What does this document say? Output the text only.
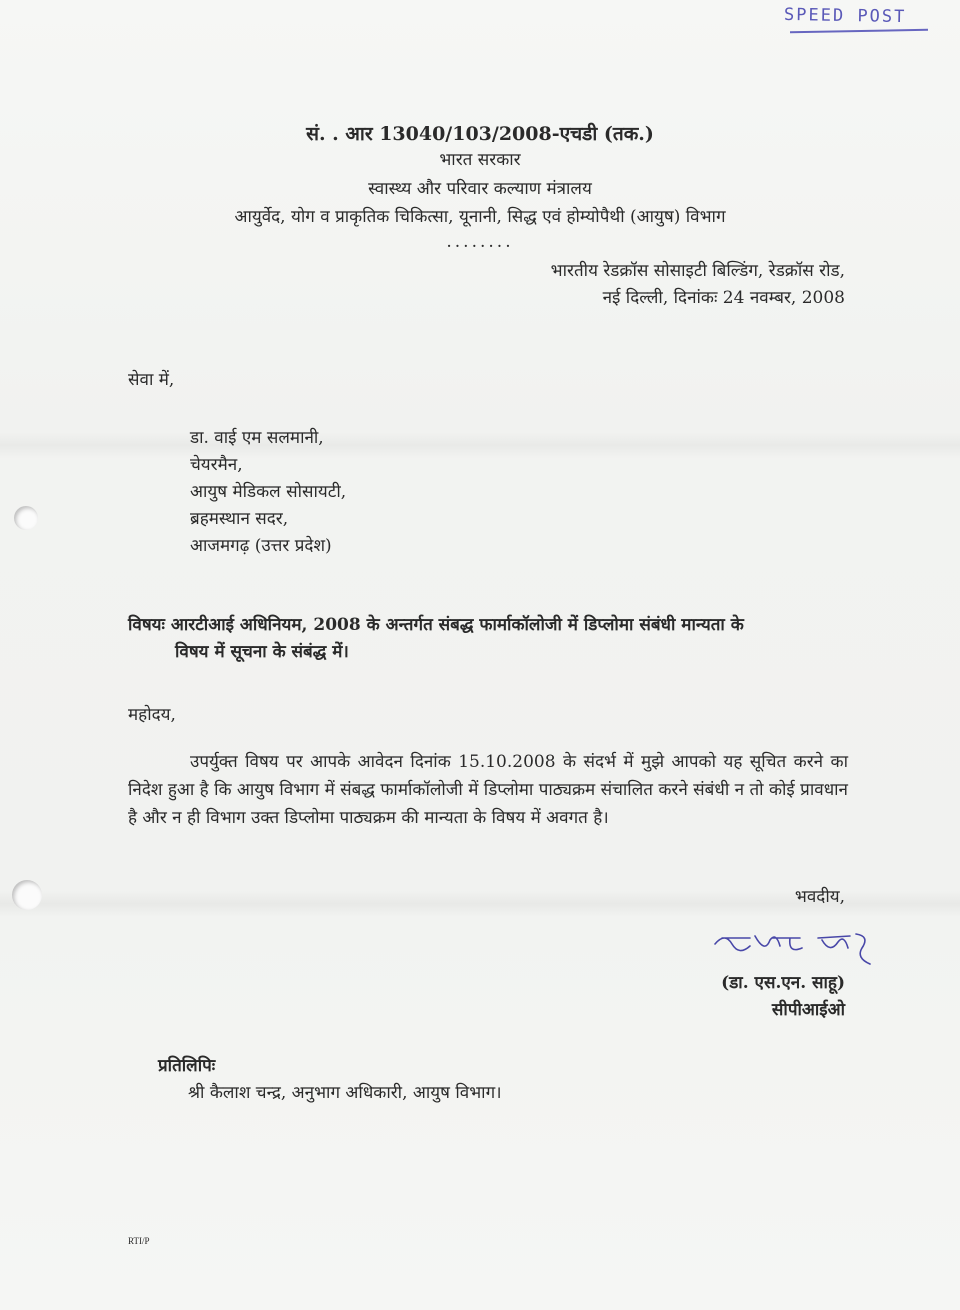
SPEED POST
सं. . आर 13040/103/2008-एचडी (तक.)
भारत सरकार
स्वास्थ्य और परिवार कल्याण मंत्रालय
आयुर्वेद, योग व प्राकृतिक चिकित्सा, यूनानी, सिद्ध एवं होम्योपैथी (आयुष) विभाग
........
भारतीय रेडक्रॉस सोसाइटी बिल्डिंग, रेडक्रॉस रोड,
नई दिल्ली, दिनांकः 24 नवम्बर, 2008
सेवा में,
डा. वाई एम सलमानी,
चेयरमैन,
आयुष मेडिकल सोसायटी,
ब्रहमस्थान सदर,
आजमगढ़ (उत्तर प्रदेश)
विषयः आरटीआई अधिनियम, 2008 के अन्तर्गत संबद्ध फार्माकॉलोजी में डिप्लोमा संबंधी मान्यता के
विषय में सूचना के संबंद्ध में।
महोदय,
उपर्युक्त विषय पर आपके आवेदन दिनांक 15.10.2008 के संदर्भ में मुझे आपको यह सूचित करने का निदेश हुआ है कि आयुष विभाग में संबद्ध फार्माकॉलोजी में डिप्लोमा पाठ्यक्रम संचालित करने संबंधी न तो कोई प्रावधान है और न ही विभाग उक्त डिप्लोमा पाठ्यक्रम की मान्यता के विषय में अवगत है।
भवदीय,
(डा. एस.एन. साहू)
सीपीआईओ
प्रतिलिपिः
श्री कैलाश चन्द्र, अनुभाग अधिकारी, आयुष विभाग।
RTI/P
